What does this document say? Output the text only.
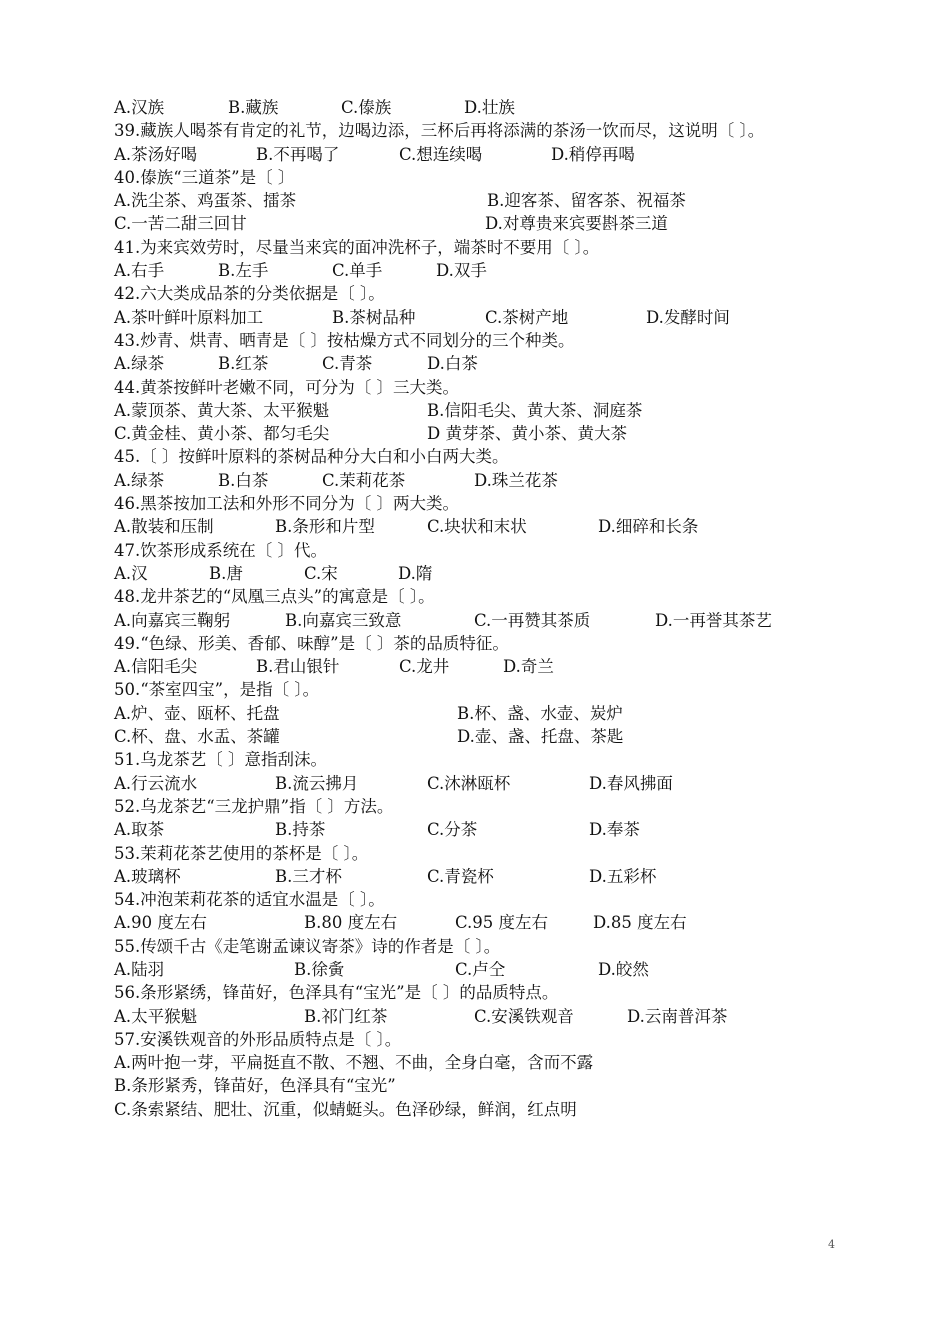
A.汉族	B.藏族	C.傣族	D.壮族
39.藏族人喝茶有肯定的礼节，边喝边添，三杯后再将添满的茶汤一饮而尽，这说明〔 〕。
A.茶汤好喝	B.不再喝了	C.想连续喝	D.稍停再喝
40.傣族“三道茶”是〔 〕
A.洗尘茶、鸡蛋茶、擂茶	B.迎客茶、留客茶、祝福茶
C.一苦二甜三回甘	D.对尊贵来宾要斟茶三道
41.为来宾效劳时，尽量当来宾的面冲洗杯子，端茶时不要用〔 〕。
A.右手	B.左手	C.单手	D.双手
42.六大类成品茶的分类依据是〔 〕。
A.茶叶鲜叶原料加工	B.茶树品种	C.茶树产地	D.发酵时间
43.炒青、烘青、晒青是〔 〕按枯燥方式不同划分的三个种类。
A.绿茶	B.红茶	C.青茶	D.白茶
44.黄茶按鲜叶老嫩不同，可分为〔 〕三大类。
A.蒙顶茶、黄大茶、太平猴魁	B.信阳毛尖、黄大茶、洞庭茶
C.黄金桂、黄小茶、都匀毛尖	D 黄芽茶、黄小茶、黄大茶
45.〔 〕按鲜叶原料的茶树品种分大白和小白两大类。
A.绿茶	B.白茶	C.茉莉花茶	D.珠兰花茶
46.黑茶按加工法和外形不同分为〔 〕两大类。
A.散装和压制	B.条形和片型	C.块状和末状	D.细碎和长条
47.饮茶形成系统在〔 〕代。
A.汉	B.唐	C.宋	D.隋
48.龙井茶艺的“凤凰三点头”的寓意是〔 〕。
A.向嘉宾三鞠躬	B.向嘉宾三致意	C.一再赞其茶质	D.一再誉其茶艺
49.“色绿、形美、香郁、味醇”是〔 〕茶的品质特征。
A.信阳毛尖	B.君山银针	C.龙井	D.奇兰
50.“茶室四宝”，是指〔 〕。
A.炉、壶、瓯杯、托盘	B.杯、盏、水壶、炭炉
C.杯、盘、水盂、茶罐	D.壶、盏、托盘、茶匙
51.乌龙茶艺〔 〕意指刮沫。
A.行云流水	B.流云拂月	C.沐淋瓯杯	D.春风拂面
52.乌龙茶艺“三龙护鼎”指〔 〕方法。
A.取茶	B.持茶	C.分茶	D.奉茶
53.茉莉花茶艺使用的茶杯是〔 〕。
A.玻璃杯	B.三才杯	C.青瓷杯	D.五彩杯
54.冲泡茉莉花茶的适宜水温是〔 〕。
A.90 度左右	B.80 度左右	C.95 度左右	D.85 度左右
55.传颂千古《走笔谢孟谏议寄茶》诗的作者是〔 〕。
A.陆羽	B.徐夤	C.卢仝	D.皎然
56.条形紧绣，锋苗好，色泽具有“宝光”是〔 〕的品质特点。
A.太平猴魁	B.祁门红茶	C.安溪铁观音	D.云南普洱茶
57.安溪铁观音的外形品质特点是〔 〕。
A.两叶抱一芽，平扁挺直不散、不翘、不曲，全身白毫，含而不露
B.条形紧秀，锋苗好，色泽具有“宝光”
C.条索紧结、肥壮、沉重，似蜻蜓头。色泽砂绿，鲜润，红点明
4
